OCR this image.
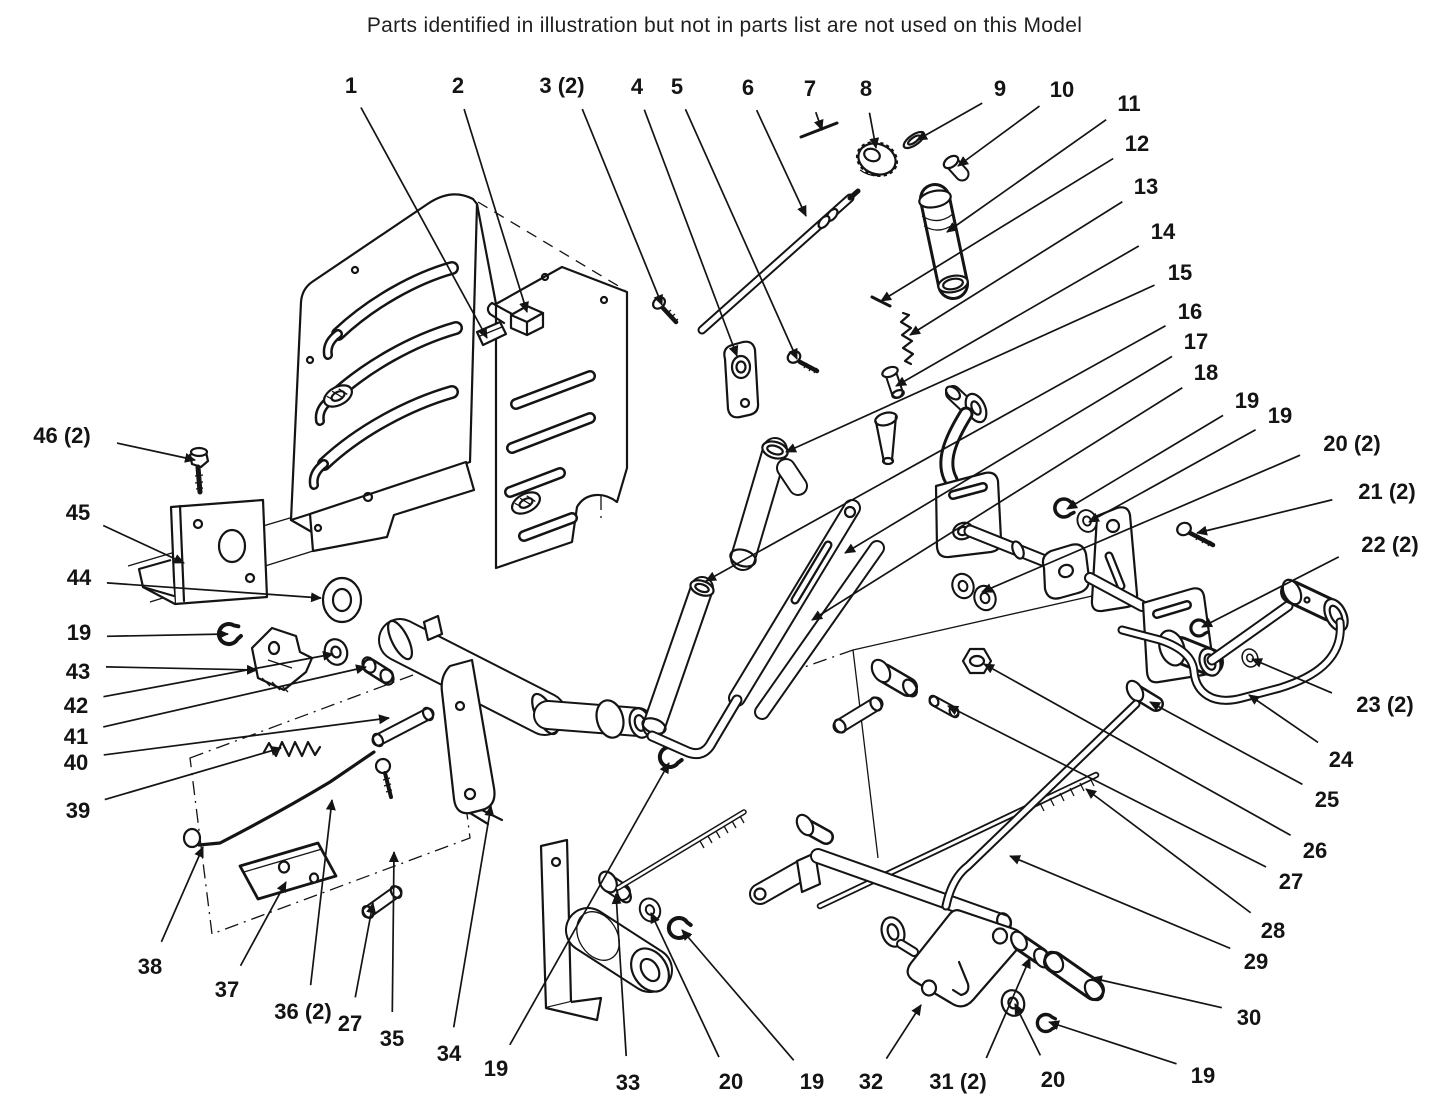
Parts identified in illustration but not in parts list are not used on this Model
1	2	3 (2) 4 5	6 7 8	9 10
11
12
13
14
15
16
17
18
19
19
20 (2)
21 (2)
22 (2)
23 (2)
24
25
26
27
28
29
30
19
20
31 (2)
32
19
20
33
19
34
35
27
36 (2)
37
38
39
40
41
42
43
19
44
45
46 (2)
